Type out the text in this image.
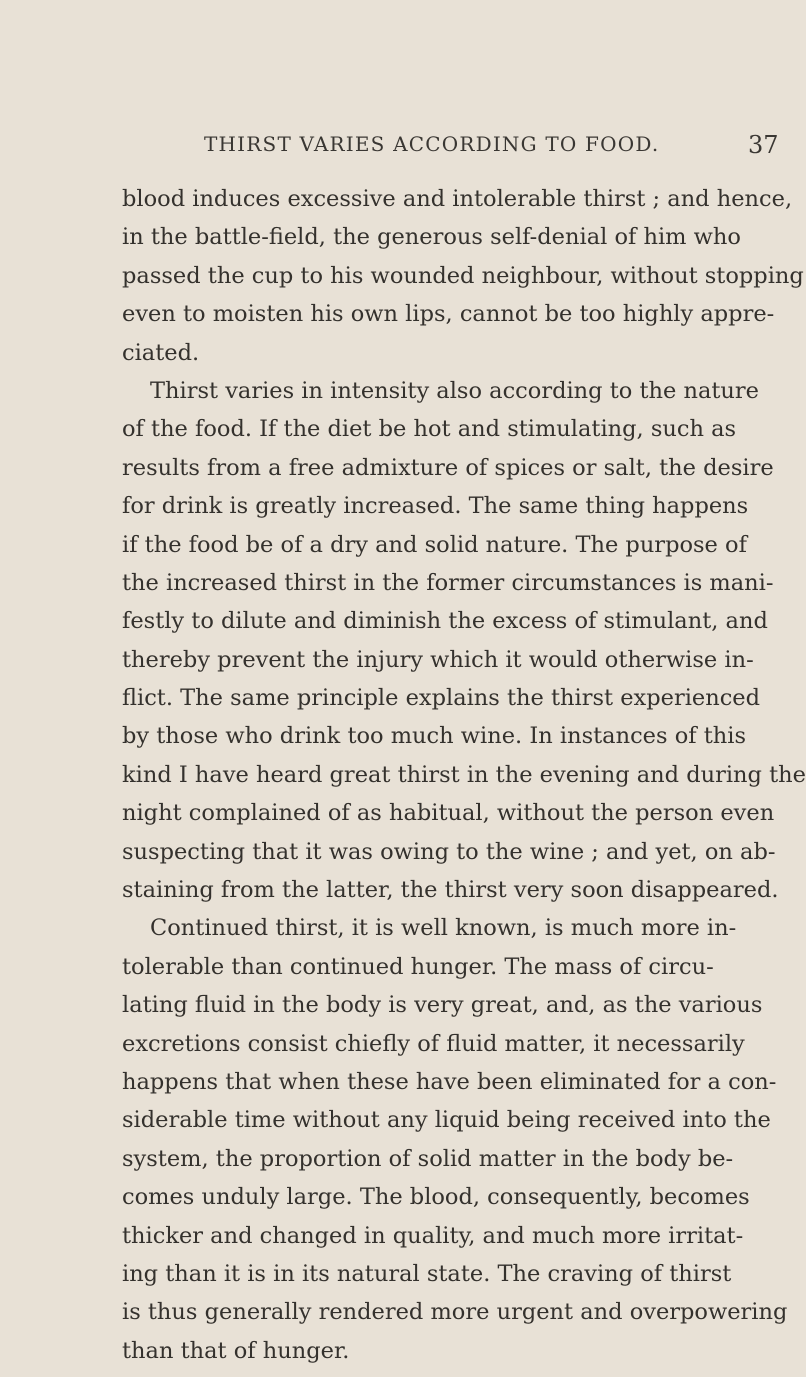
THIRST VARIES ACCORDING TO FOOD.	37
blood induces excessive and intolerable thirst ; and hence,
in the battle-field, the generous self-denial of him who
passed the cup to his wounded neighbour, without stopping
even to moisten his own lips, cannot be too highly appre-
ciated.
Thirst varies in intensity also according to the nature
of the food. If the diet be hot and stimulating, such as
results from a free admixture of spices or salt, the desire
for drink is greatly increased. The same thing happens
if the food be of a dry and solid nature. The purpose of
the increased thirst in the former circumstances is mani-
festly to dilute and diminish the excess of stimulant, and
thereby prevent the injury which it would otherwise in-
flict. The same principle explains the thirst experienced
by those who drink too much wine. In instances of this
kind I have heard great thirst in the evening and during the
night complained of as habitual, without the person even
suspecting that it was owing to the wine ; and yet, on ab-
staining from the latter, the thirst very soon disappeared.
Continued thirst, it is well known, is much more in-
tolerable than continued hunger. The mass of circu-
lating fluid in the body is very great, and, as the various
excretions consist chiefly of fluid matter, it necessarily
happens that when these have been eliminated for a con-
siderable time without any liquid being received into the
system, the proportion of solid matter in the body be-
comes unduly large. The blood, consequently, becomes
thicker and changed in quality, and much more irritat-
ing than it is in its natural state. The craving of thirst
is thus generally rendered more urgent and overpowering
than that of hunger.
